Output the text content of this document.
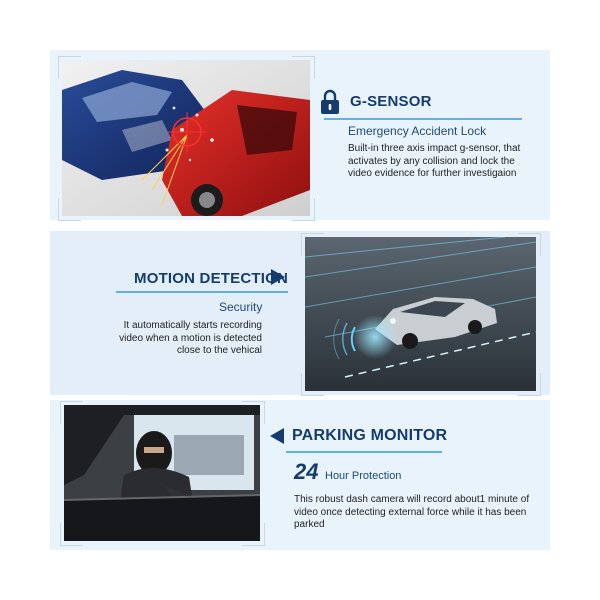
G-SENSOR
Emergency Accident Lock
Built-in three axis impact g-sensor, that activates by any collision and lock the video evidence for further investigaion
MOTION DETECTION
Security
It automatically starts recording video when a motion is detected close to the vehical
PARKING MONITOR
24 Hour Protection
This robust dash camera will record about1 minute of video once detecting external force while it has been parked
